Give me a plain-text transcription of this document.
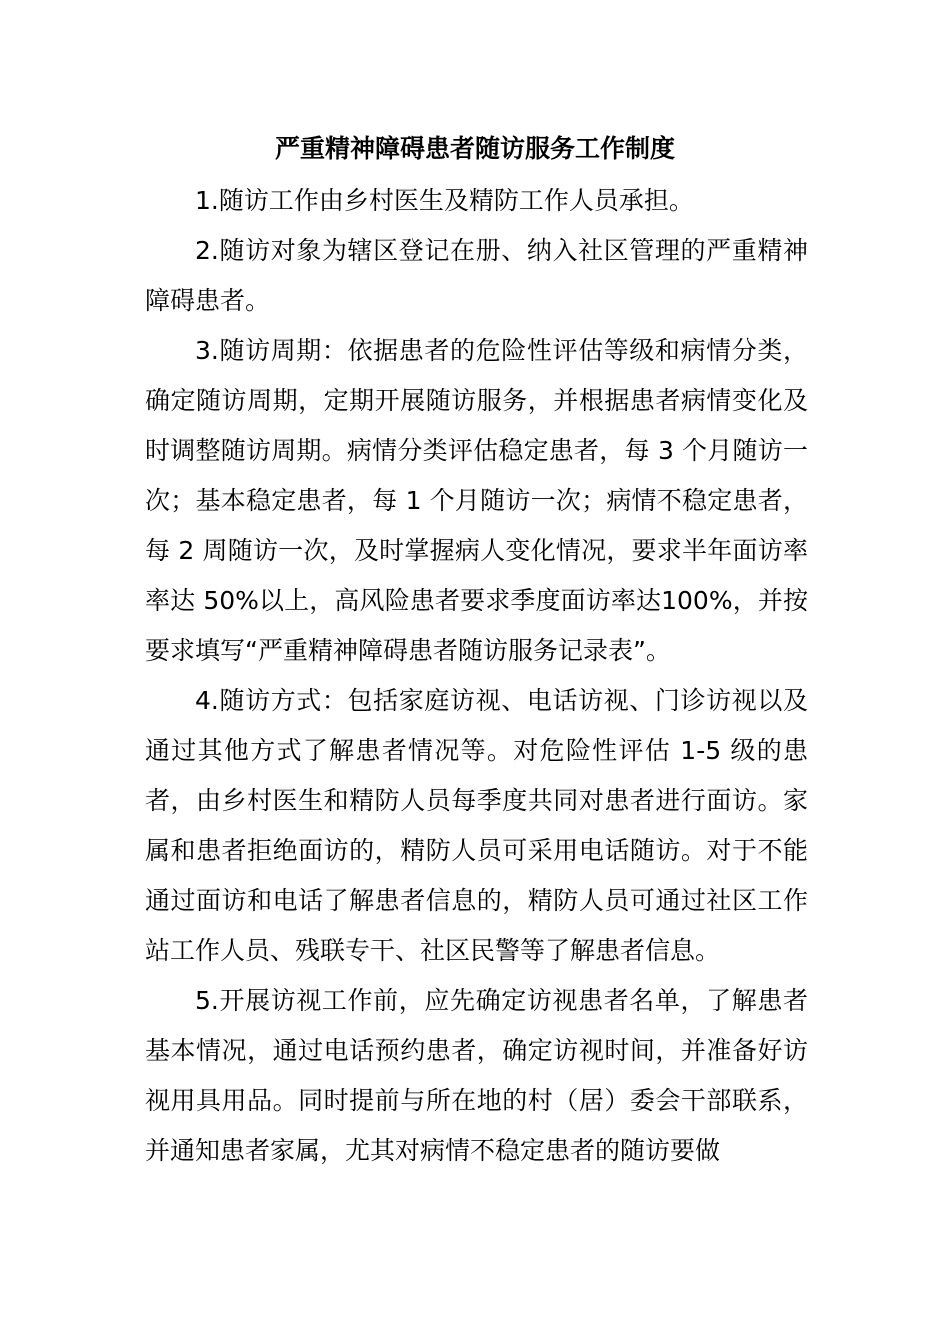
严重精神障碍患者随访服务工作制度

1.随访工作由乡村医生及精防工作人员承担。

2.随访对象为辖区登记在册、纳入社区管理的严重精神障碍患者。

3.随访周期：依据患者的危险性评估等级和病情分类，确定随访周期，定期开展随访服务，并根据患者病情变化及时调整随访周期。病情分类评估稳定患者，每 3 个月随访一次；基本稳定患者，每 1 个月随访一次；病情不稳定患者，每 2 周随访一次，及时掌握病人变化情况，要求半年面访率率达 50%以上，高风险患者要求季度面访率达100%，并按要求填写“严重精神障碍患者随访服务记录表”。

4.随访方式：包括家庭访视、电话访视、门诊访视以及通过其他方式了解患者情况等。对危险性评估 1-5 级的患者，由乡村医生和精防人员每季度共同对患者进行面访。家属和患者拒绝面访的，精防人员可采用电话随访。对于不能通过面访和电话了解患者信息的，精防人员可通过社区工作站工作人员、残联专干、社区民警等了解患者信息。

5.开展访视工作前，应先确定访视患者名单，了解患者基本情况，通过电话预约患者，确定访视时间，并准备好访视用具用品。同时提前与所在地的村（居）委会干部联系，并通知患者家属，尤其对病情不稳定患者的随访要做
